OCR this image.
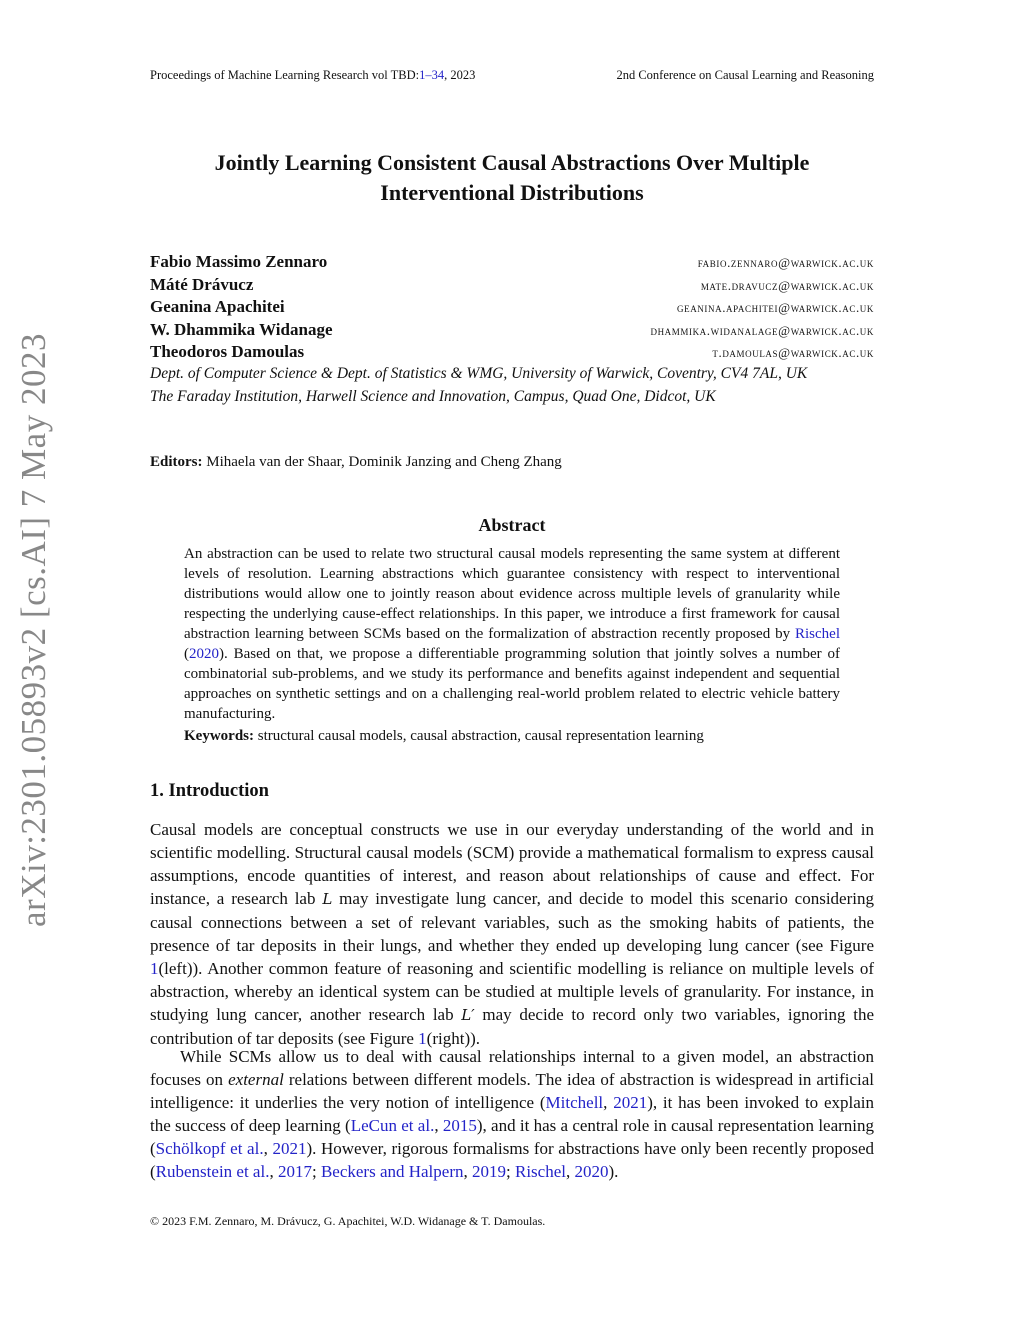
Proceedings of Machine Learning Research vol TBD:1–34, 2023	2nd Conference on Causal Learning and Reasoning
arXiv:2301.05893v2 [cs.AI] 7 May 2023
Jointly Learning Consistent Causal Abstractions Over Multiple
Interventional Distributions
Fabio Massimo Zennaro	fabio.zennaro@warwick.ac.uk
Máté Drávucz	mate.dravucz@warwick.ac.uk
Geanina Apachitei	geanina.apachitei@warwick.ac.uk
W. Dhammika Widanage	dhammika.widanalage@warwick.ac.uk
Theodoros Damoulas	t.damoulas@warwick.ac.uk
Dept. of Computer Science & Dept. of Statistics & WMG, University of Warwick, Coventry, CV4 7AL, UK
The Faraday Institution, Harwell Science and Innovation, Campus, Quad One, Didcot, UK
Editors: Mihaela van der Shaar, Dominik Janzing and Cheng Zhang
Abstract
An abstraction can be used to relate two structural causal models representing the same system at different levels of resolution. Learning abstractions which guarantee consistency with respect to interventional distributions would allow one to jointly reason about evidence across multiple levels of granularity while respecting the underlying cause-effect relationships. In this paper, we introduce a first framework for causal abstraction learning between SCMs based on the formalization of abstraction recently proposed by Rischel (2020). Based on that, we propose a differentiable programming solution that jointly solves a number of combinatorial sub-problems, and we study its performance and benefits against independent and sequential approaches on synthetic settings and on a challenging real-world problem related to electric vehicle battery manufacturing.
Keywords: structural causal models, causal abstraction, causal representation learning
1. Introduction
Causal models are conceptual constructs we use in our everyday understanding of the world and in scientific modelling. Structural causal models (SCM) provide a mathematical formalism to express causal assumptions, encode quantities of interest, and reason about relationships of cause and effect. For instance, a research lab L may investigate lung cancer, and decide to model this scenario considering causal connections between a set of relevant variables, such as the smoking habits of patients, the presence of tar deposits in their lungs, and whether they ended up developing lung cancer (see Figure 1(left)). Another common feature of reasoning and scientific modelling is reliance on multiple levels of abstraction, whereby an identical system can be studied at multiple levels of granularity. For instance, in studying lung cancer, another research lab L′ may decide to record only two variables, ignoring the contribution of tar deposits (see Figure 1(right)).
While SCMs allow us to deal with causal relationships internal to a given model, an abstraction focuses on external relations between different models. The idea of abstraction is widespread in artificial intelligence: it underlies the very notion of intelligence (Mitchell, 2021), it has been invoked to explain the success of deep learning (LeCun et al., 2015), and it has a central role in causal representation learning (Schölkopf et al., 2021). However, rigorous formalisms for abstractions have only been recently proposed (Rubenstein et al., 2017; Beckers and Halpern, 2019; Rischel, 2020).
© 2023 F.M. Zennaro, M. Drávucz, G. Apachitei, W.D. Widanage & T. Damoulas.
